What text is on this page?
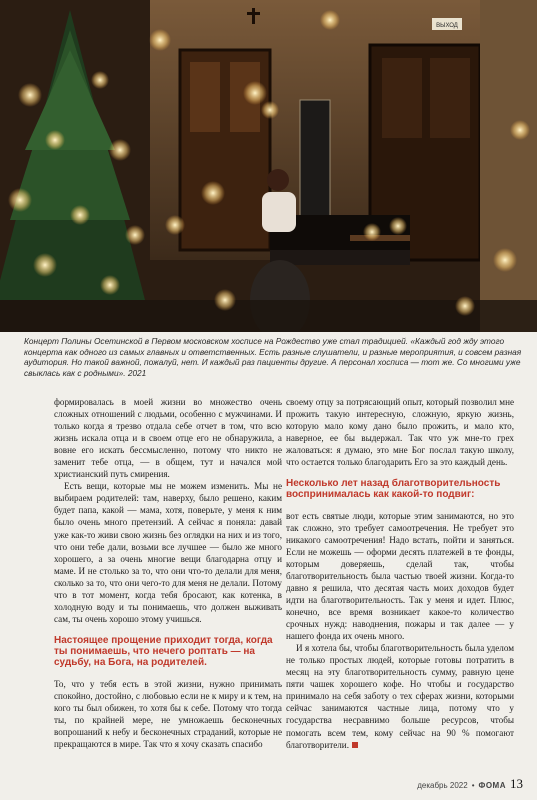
ВЫХОД
Концерт Полины Осетинской в Первом московском хосписе на Рождество уже стал традицией. «Каждый год жду этого концерта как одного из самых главных и ответственных. Есть разные слушатели, и разные мероприятия, и совсем разная аудитория. Но такой важной, пожалуй, нет. И каждый раз пациенты другие. А персонал хосписа — тот же. Со многими уже свыклась как с родными». 2021

формировалась в моей жизни во множество очень сложных отношений с людьми, особенно с мужчинами. И только когда я трезво отдала себе отчет в том, что всю жизнь искала отца и в своем отце его не обнаружила, а вовне его искать бессмысленно, потому что никто не заменит тебе отца, — в общем, тут и начался мой христианский путь смирения.

Есть вещи, которые мы не можем изменить. Мы не выбираем родителей: там, наверху, было решено, каким будет папа, какой — мама, хотя, поверьте, у меня к ним было очень много претензий. А сейчас я поняла: давай уже как-то живи свою жизнь без оглядки на них и из того, что они тебе дали, возьми все лучшее — было же много хорошего, а за очень многие вещи благодарна отцу и маме. И не столько за то, что они что-то делали для меня, сколько за то, что они чего-то для меня не делали. Потому что в тот момент, когда тебя бросают, как котенка, в холодную воду и ты понимаешь, что должен выживать сам, ты очень хорошо этому учишься.

Настоящее прощение приходит тогда, когда ты понимаешь, что нечего роптать — на судьбу, на Бога, на родителей.

То, что у тебя есть в этой жизни, нужно принимать спокойно, достойно, с любовью если не к миру и к тем, на кого ты был обижен, то хотя бы к себе. Потому что тогда ты, по крайней мере, не умножаешь бесконечных вопрошаний к небу и бесконечных страданий, которые не прекращаются в мире. Так что я хочу сказать спасибо

своему отцу за потрясающий опыт, который позволил мне прожить такую интересную, сложную, яркую жизнь, которую мало кому дано было прожить, и мало кто, наверное, ее бы выдержал. Так что уж мне-то грех жаловаться: я думаю, это мне Бог послал такую школу, что остается только благодарить Его за это каждый день.

Несколько лет назад благотворительность воспринималась как какой-то подвиг:

вот есть святые люди, которые этим занимаются, но это так сложно, это требует самоотречения. Не требует это никакого самоотречения! Надо встать, пойти и заняться. Если не можешь — оформи десять платежей в те фонды, которым доверяешь, сделай так, чтобы благотворительность была частью твоей жизни. Когда-то давно я решила, что десятая часть моих доходов будет идти на благотворительность. Так у меня и идет. Плюс, конечно, все время возникает какое-то количество срочных нужд: наводнения, пожары и так далее — у нашего фонда их очень много.

И я хотела бы, чтобы благотворительность была уделом не только простых людей, которые готовы потратить в месяц на эту благотворительность сумму, равную цене пяти чашек хорошего кофе. Но чтобы и государство принимало на себя заботу о тех сферах жизни, которыми сейчас занимаются частные лица, потому что у государства несравнимо больше ресурсов, чтобы помогать всем тем, кому сейчас на 90 % помогают благотворители.

декабрь 2022 • ФОМА 13
